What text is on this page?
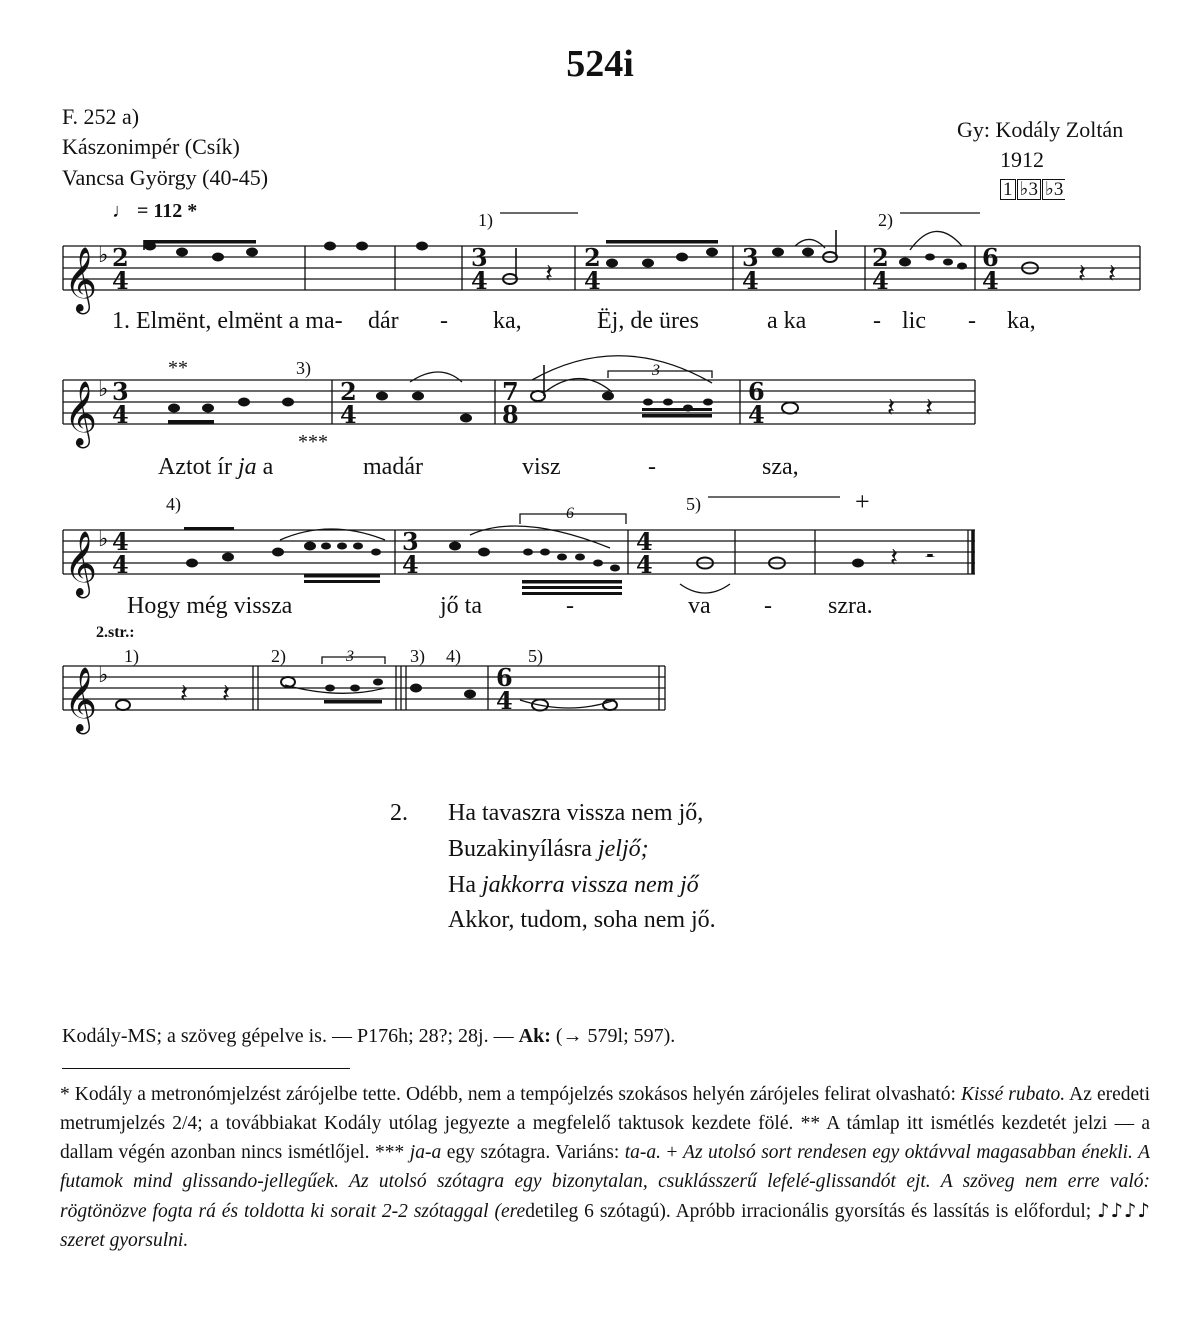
524i
F. 252 a)
Kászonimpér (Csík)
Vancsa György (40-45)
Gy: Kodály Zoltán
1912
1 ♭3 ♭3
♩ = 112 *
𝄞
𝄞
𝄞
𝄞
♭
♭
♭
♭
2
4
3
4
2
4
3
4
2
4
6
4
3
4
2
4
7
8
6
4
4
4
3
4
4
4
6
4
𝄽	𝄽 𝄽
𝄽 𝄽
𝄽 𝄼
𝄽 𝄽
1)	2)
**	3)
***
3
4)	6	5)	+
1)	2)	3	3) 4)	5)
2.str.:
1. Elmënt, elmënt a ma- dár - ka,	Ëj, de üres	a ka	- lic - ka,
Aztot ír ja a	madár	visz	-	sza,
Hogy még vissza	jő ta	-	va - szra.
2. Ha tavaszra vissza nem jő,
Buzakinyílásra jeljő;
Ha jakkorra vissza nem jő
Akkor, tudom, soha nem jő.
Kodály-MS; a szöveg gépelve is. — P176h; 28?; 28j. — Ak: (→ 579l; 597).
* Kodály a metronómjelzést zárójelbe tette. Odébb, nem a tempójelzés szokásos helyén zárójeles felirat olvasható: Kissé rubato. Az eredeti metrumjelzés 2/4; a továbbiakat Kodály utólag jegyezte a megfelelő taktusok kezdete fölé. ** A támlap itt ismétlés kezdetét jelzi — a dallam végén azonban nincs ismétlőjel. *** ja-a egy szótagra. Variáns: ta-a. + Az utolsó sort rendesen egy oktávval magasabban énekli. A futamok mind glissando-jellegűek. Az utolsó szótagra egy bizonytalan, csuklásszerű lefelé-glissandót ejt. A szöveg nem erre való: rögtönözve fogta rá és toldotta ki sorait 2-2 szótaggal (eredetileg 6 szótagú). Apróbb irracionális gyorsítás és lassítás is előfordul; ♪♪♪♪ szeret gyorsulni.
